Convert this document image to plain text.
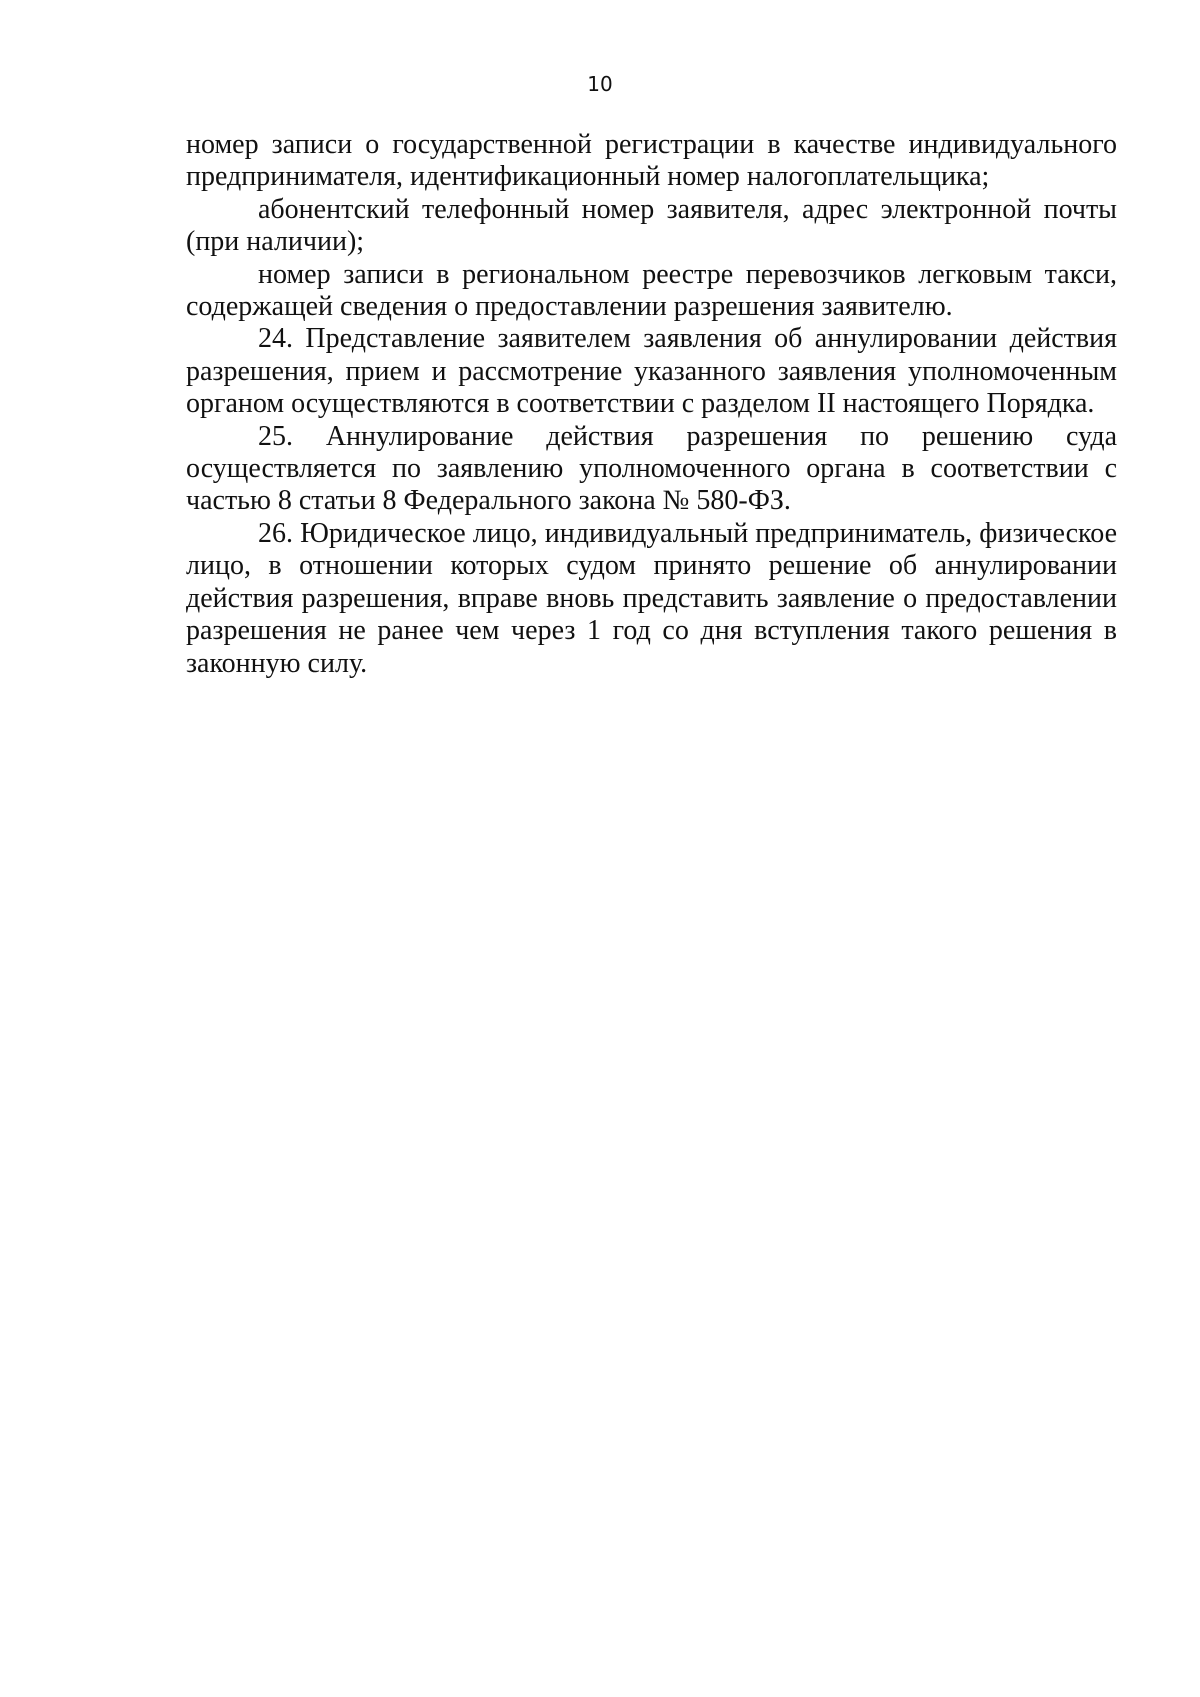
10

номер записи о государственной регистрации в качестве индивидуального предпринимателя, идентификационный номер налогоплательщика;

абонентский телефонный номер заявителя, адрес электронной почты (при наличии);

номер записи в региональном реестре перевозчиков легковым такси, содержащей сведения о предоставлении разрешения заявителю.

24. Представление заявителем заявления об аннулировании действия разрешения, прием и рассмотрение указанного заявления уполномоченным органом осуществляются в соответствии с разделом II настоящего Порядка.

25. Аннулирование действия разрешения по решению суда осуществляется по заявлению уполномоченного органа в соответствии с частью 8 статьи 8 Федерального закона № 580-ФЗ.

26. Юридическое лицо, индивидуальный предприниматель, физическое лицо, в отношении которых судом принято решение об аннулировании действия разрешения, вправе вновь представить заявление о предоставлении разрешения не ранее чем через 1 год со дня вступления такого решения в законную силу.
